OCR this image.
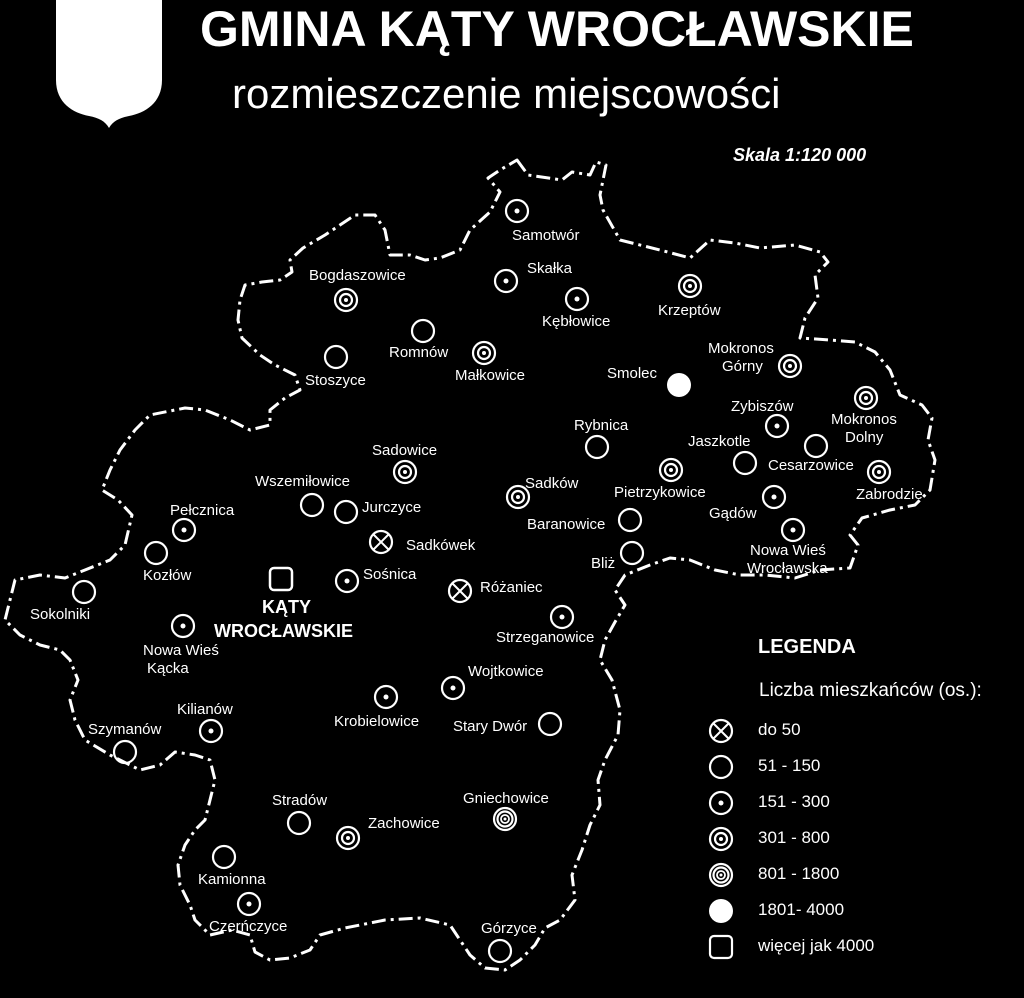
GMINA KĄTY WROCŁAWSKIE
rozmieszczenie miejscowości
Skala 1:120 000
Samotwór
Skałka
Bogdaszowice
Kębłowice
Krzeptów
Romnów
Małkowice
Stoszyce
Mokronos
Górny
Smolec
Mokronos
Dolny
Zybiszów
Rybnica
Jaszkotle
Cesarzowice
Zabrodzie
Sadowice
Pietrzykowice
Sadków
Gądów
Wszemiłowice
Jurczyce
Baranowice
Pełcznica
Nowa Wieś
Wrocławska
Sadkówek
Kozłów
Bliż
Sośnica
Różaniec
Sokolniki
Strzeganowice
Nowa Wieś
Kącka	Wojtkowice
Kilianów
Krobielowice Stary Dwór
Szymanów
Stradów	Gniechowice
Zachowice
Kamionna
Czerńczyce	Górzyce
KĄTY
WROCŁAWSKIE
LEGENDA
Liczba mieszkańców (os.):
do 50
51 - 150
151 - 300
301 - 800
801 - 1800
1801- 4000
więcej jak 4000
